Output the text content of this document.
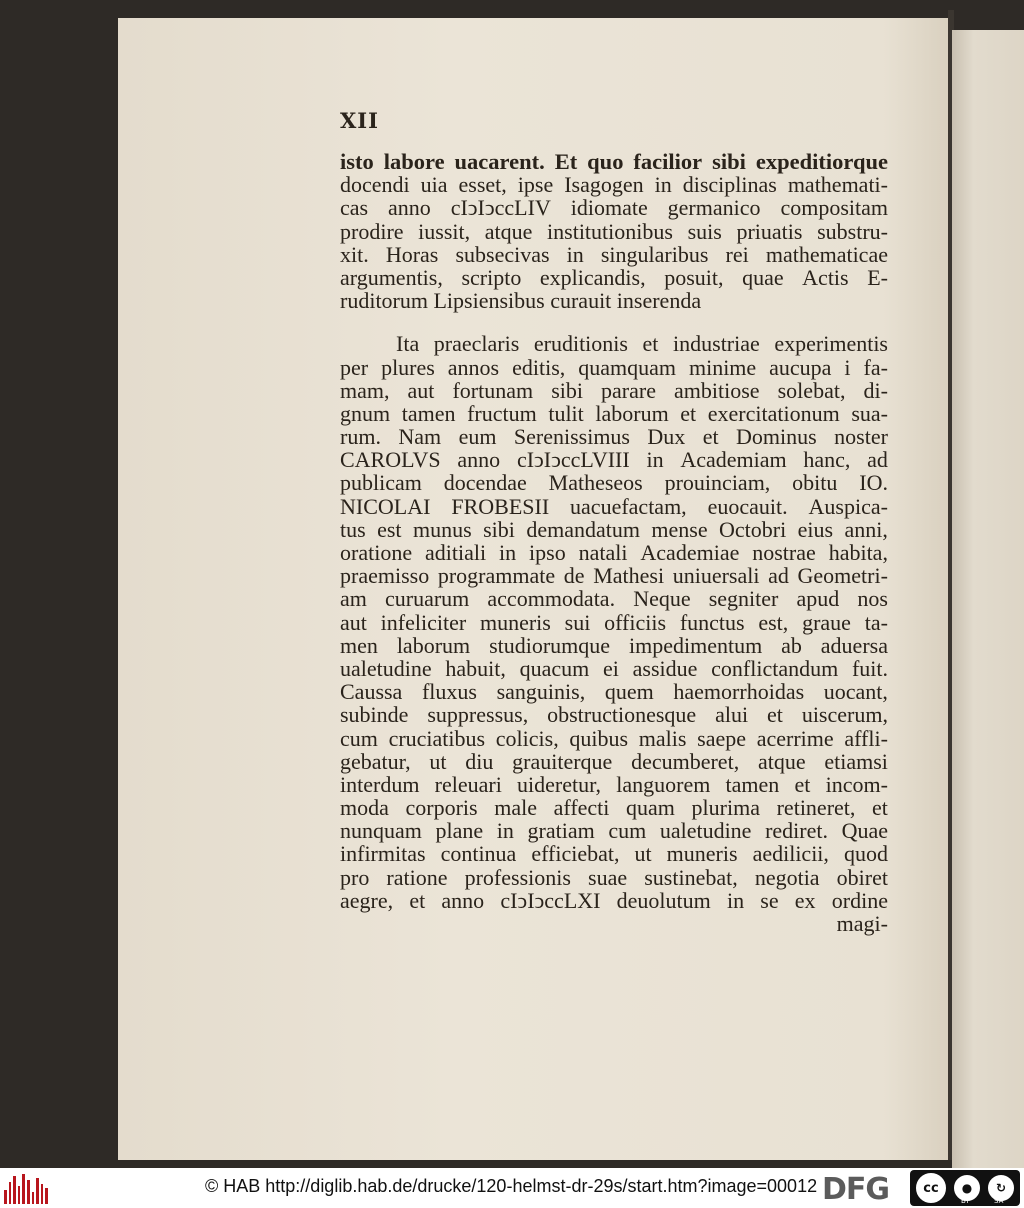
XII
isto labore uacarent. Et quo facilior sibi expeditiorque
docendi uia esset, ipse Isagogen in disciplinas mathemati-
cas anno cIↄIↄccLIV idiomate germanico compositam
prodire iussit, atque institutionibus suis priuatis substru-
xit. Horas subsecivas in singularibus rei mathematicae
argumentis, scripto explicandis, posuit, quae Actis E-
ruditorum Lipsiensibus curauit inserenda
Ita praeclaris eruditionis et industriae experimentis
per plures annos editis, quamquam minime aucupa i fa-
mam, aut fortunam sibi parare ambitiose solebat, di-
gnum tamen fructum tulit laborum et exercitationum sua-
rum. Nam eum Serenissimus Dux et Dominus noster
CAROLVS anno cIↄIↄccLVIII in Academiam hanc, ad
publicam docendae Matheseos prouinciam, obitu IO.
NICOLAI FROBESII uacuefactam, euocauit. Auspica-
tus est munus sibi demandatum mense Octobri eius anni,
oratione aditiali in ipso natali Academiae nostrae habita,
praemisso programmate de Mathesi uniuersali ad Geometri-
am curuarum accommodata. Neque segniter apud nos
aut infeliciter muneris sui officiis functus est, graue ta-
men laborum studiorumque impedimentum ab aduersa
ualetudine habuit, quacum ei assidue conflictandum fuit.
Caussa fluxus sanguinis, quem haemorrhoidas uocant,
subinde suppressus, obstructionesque alui et uiscerum,
cum cruciatibus colicis, quibus malis saepe acerrime affli-
gebatur, ut diu grauiterque decumberet, atque etiamsi
interdum releuari uideretur, languorem tamen et incom-
moda corporis male affecti quam plurima retineret, et
nunquam plane in gratiam cum ualetudine rediret. Quae
infirmitas continua efficiebat, ut muneris aedilicii, quod
pro ratione professionis suae sustinebat, negotia obiret
aegre, et anno cIↄIↄccLXI deuolutum in se ex ordine
magi-
© HAB http://diglib.hab.de/drucke/120-helmst-dr-29s/start.htm?image=00012 DFG	cc	●	↻
BY	SA
